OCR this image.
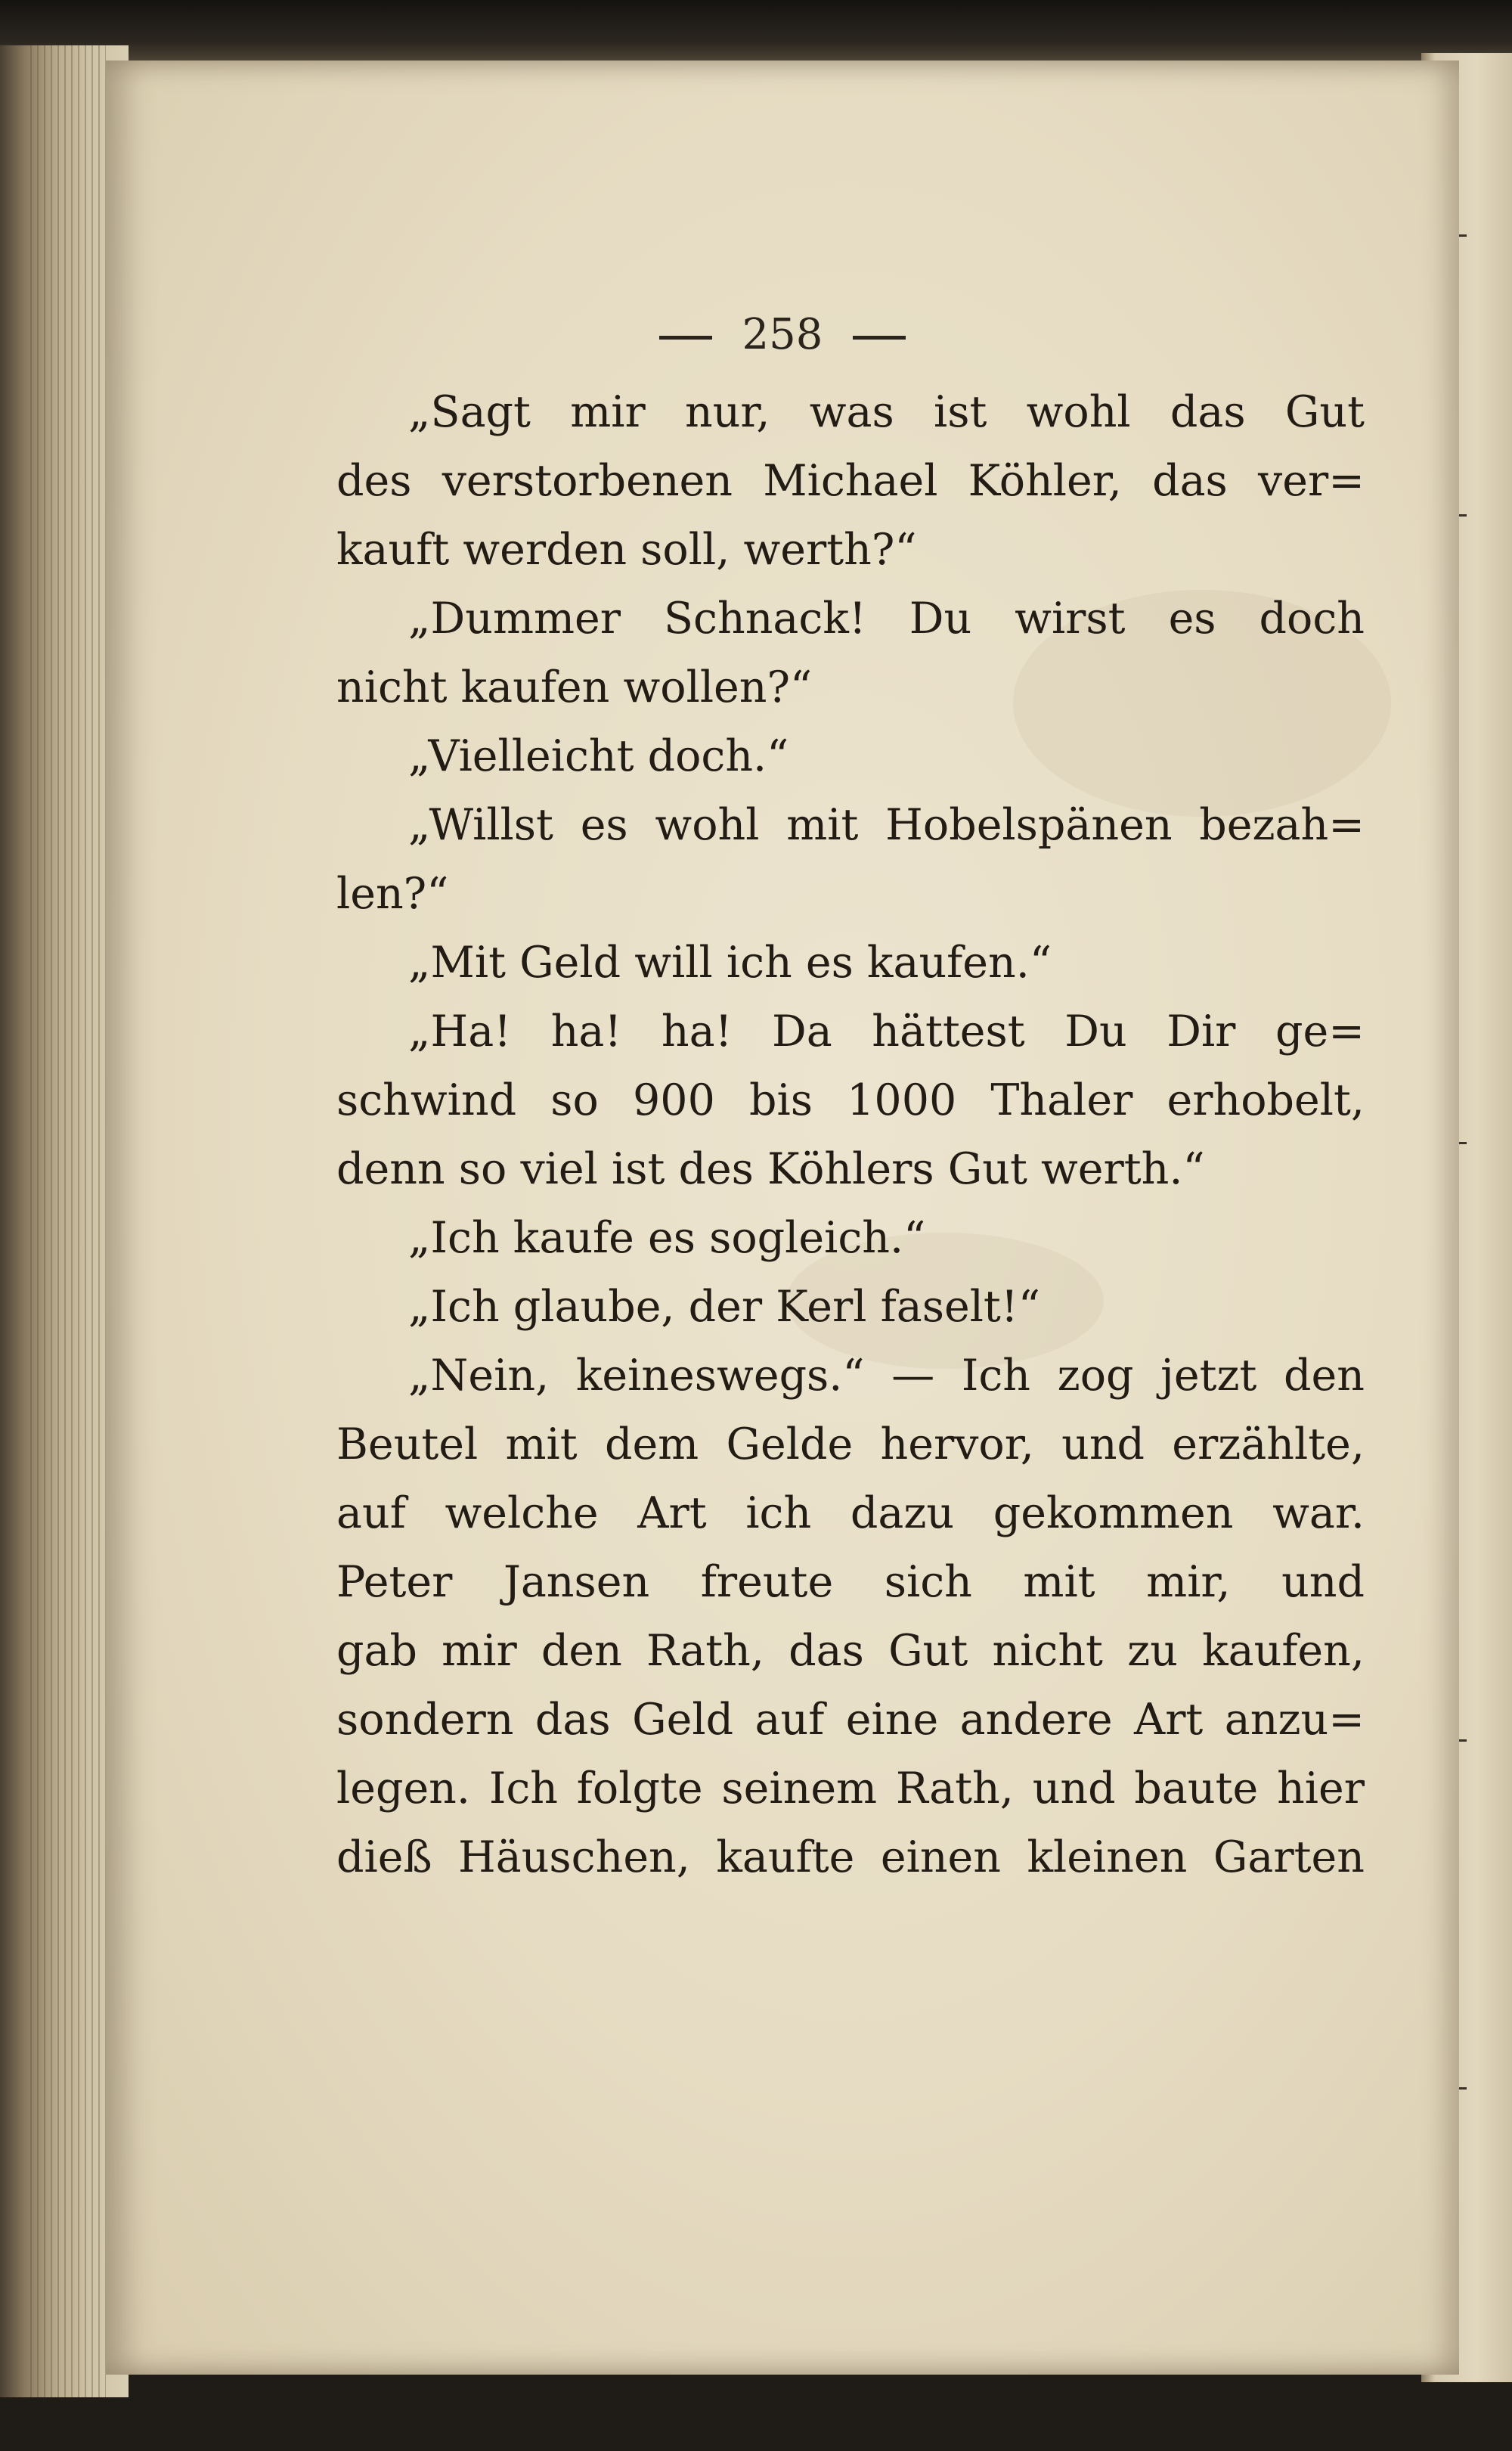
258
„Sagt mir nur, was ist wohl das Gut
des verstorbenen Michael Köhler, das ver=
kauft werden soll, werth?“
„Dummer Schnack! Du wirst es doch
nicht kaufen wollen?“
„Vielleicht doch.“
„Willst es wohl mit Hobelspänen bezah=
len?“
„Mit Geld will ich es kaufen.“
„Ha! ha! ha! Da hättest Du Dir ge=
schwind so 900 bis 1000 Thaler erhobelt,
denn so viel ist des Köhlers Gut werth.“
„Ich kaufe es sogleich.“
„Ich glaube, der Kerl faselt!“
„Nein, keineswegs.“ — Ich zog jetzt den
Beutel mit dem Gelde hervor, und erzählte,
auf welche Art ich dazu gekommen war.
Peter Jansen freute sich mit mir, und
gab mir den Rath, das Gut nicht zu kaufen,
sondern das Geld auf eine andere Art anzu=
legen. Ich folgte seinem Rath, und baute hier
dieß Häuschen, kaufte einen kleinen Garten
